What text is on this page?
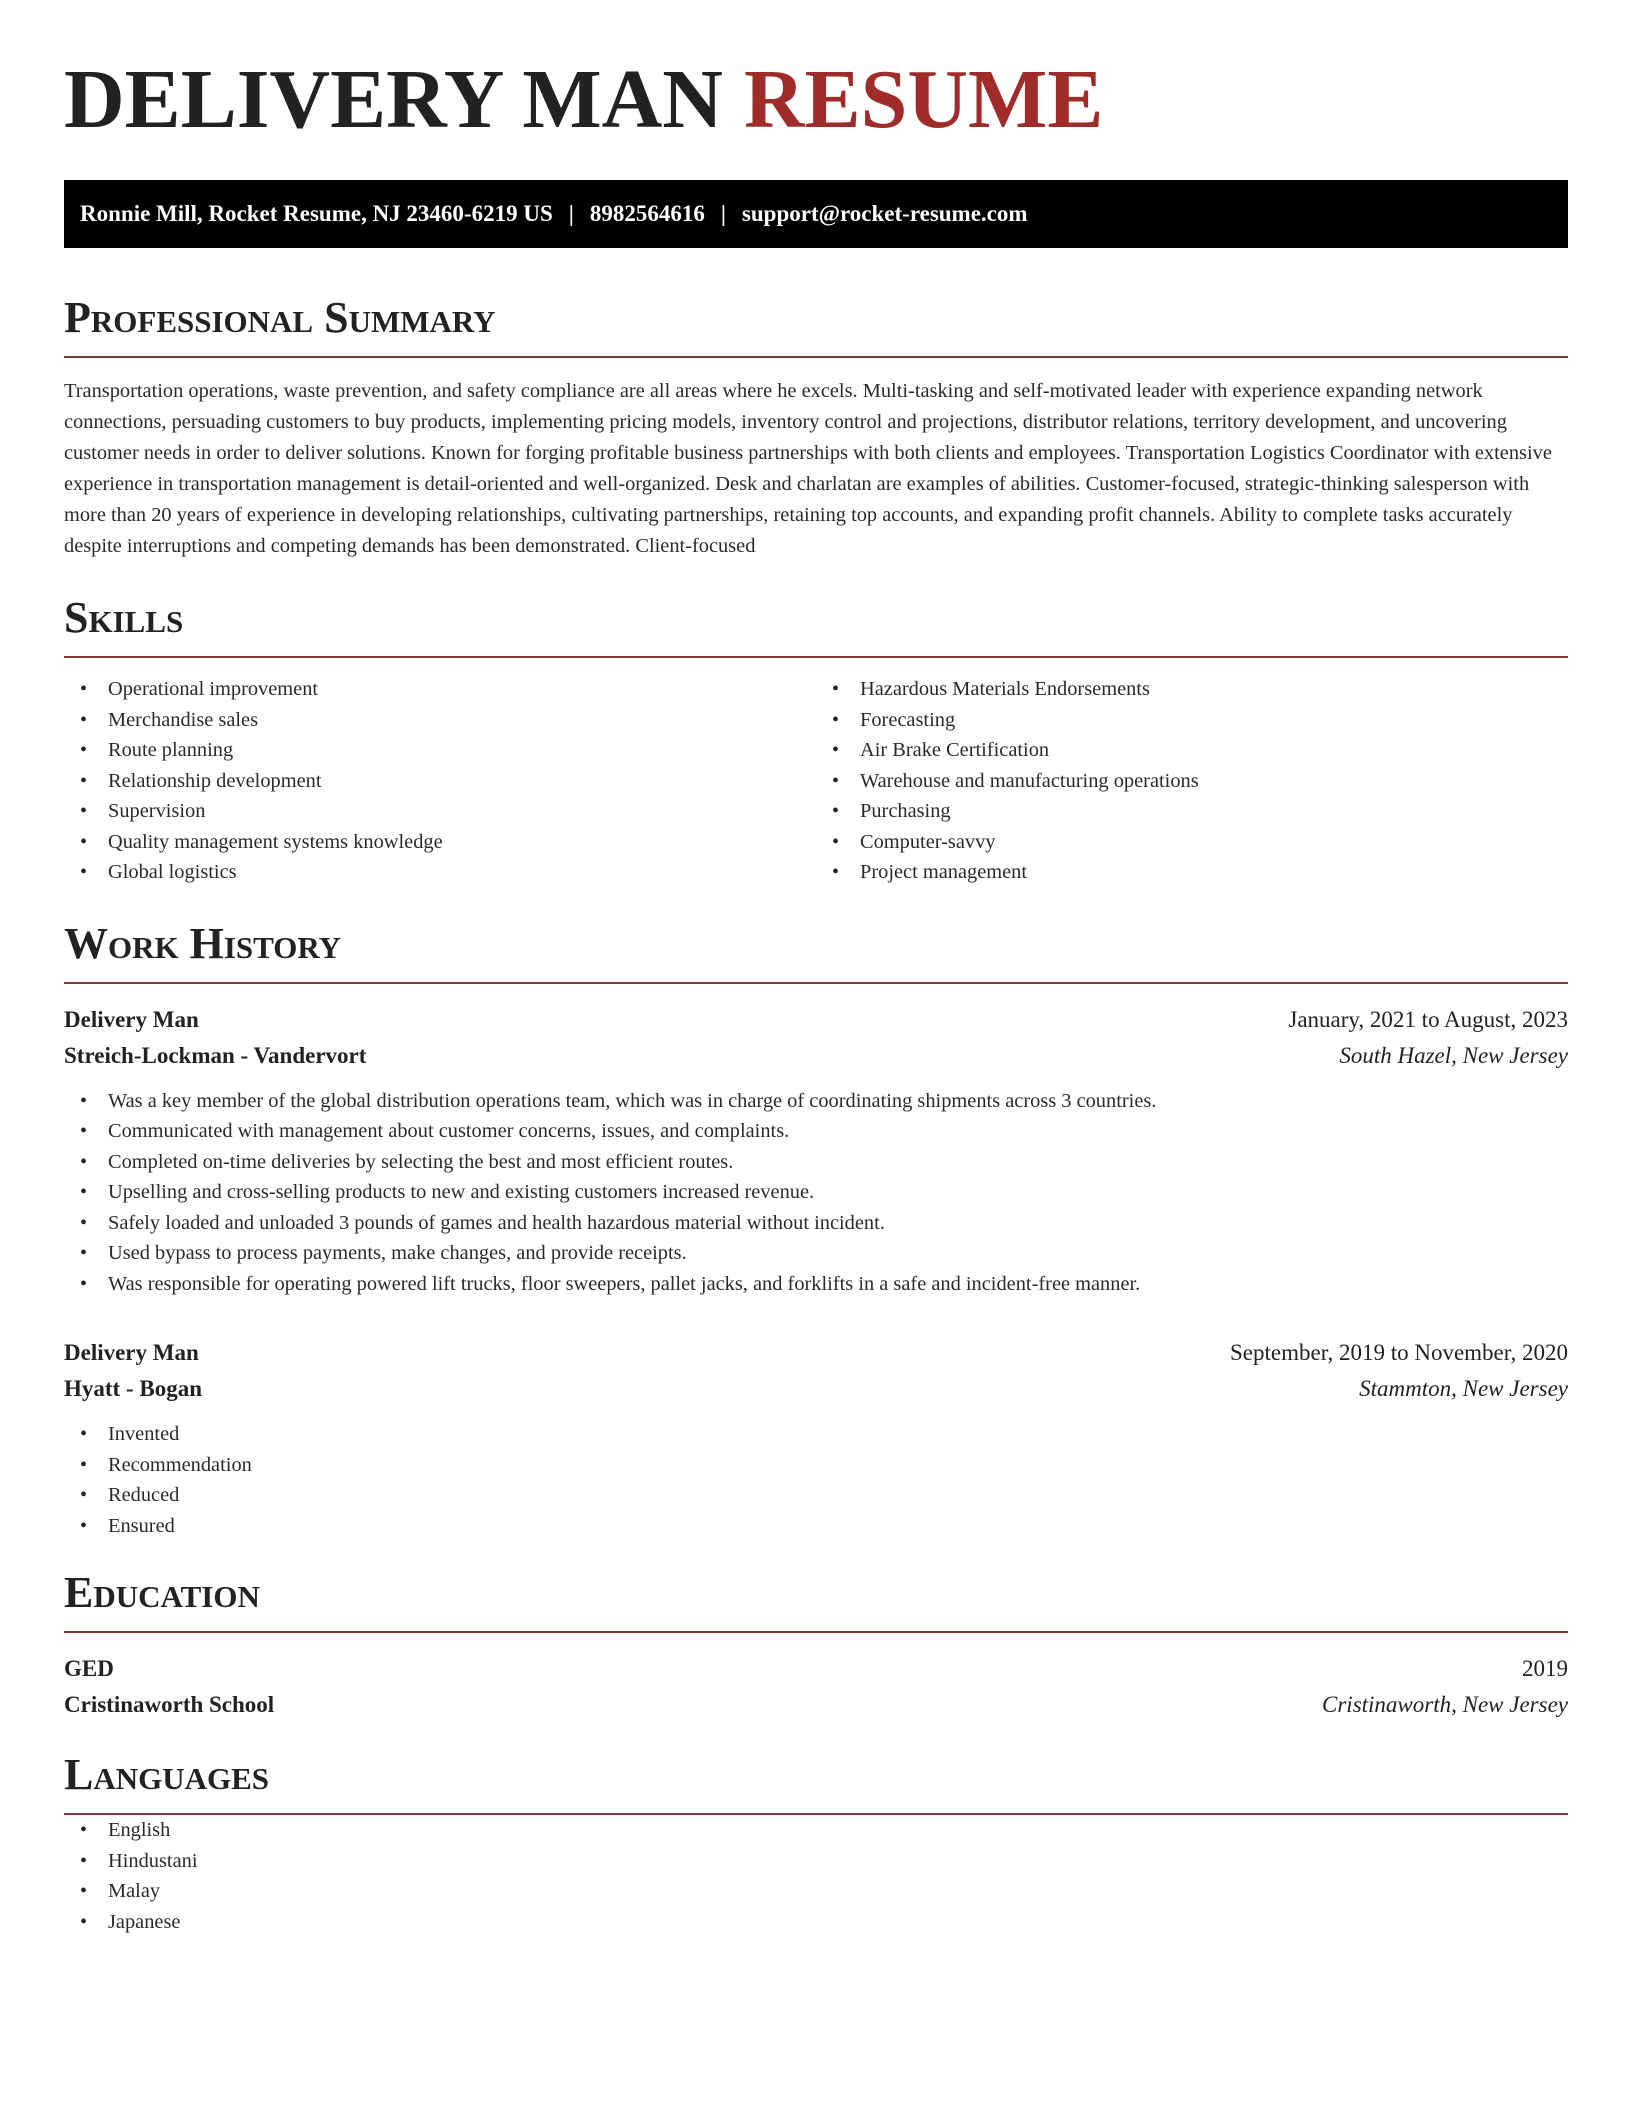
DELIVERY MAN RESUME
Ronnie Mill, Rocket Resume, NJ 23460-6219 US | 8982564616 | support@rocket-resume.com
Professional Summary

Transportation operations, waste prevention, and safety compliance are all areas where he excels. Multi-tasking and self-motivated leader with experience expanding network connections, persuading customers to buy products, implementing pricing models, inventory control and projections, distributor relations, territory development, and uncovering customer needs in order to deliver solutions. Known for forging profitable business partnerships with both clients and employees. Transportation Logistics Coordinator with extensive experience in transportation management is detail-oriented and well-organized. Desk and charlatan are examples of abilities. Customer-focused, strategic-thinking salesperson with more than 20 years of experience in developing relationships, cultivating partnerships, retaining top accounts, and expanding profit channels. Ability to complete tasks accurately despite interruptions and competing demands has been demonstrated. Client-focused

Skills
• Operational improvement
• Merchandise sales
• Route planning
• Relationship development
• Supervision
• Quality management systems knowledge
• Global logistics
• Hazardous Materials Endorsements
• Forecasting
• Air Brake Certification
• Warehouse and manufacturing operations
• Purchasing
• Computer-savvy
• Project management
Work History
Delivery Man	January, 2021 to August, 2023
Streich-Lockman - Vandervort	South Hazel, New Jersey
• Was a key member of the global distribution operations team, which was in charge of coordinating shipments across 3 countries.
• Communicated with management about customer concerns, issues, and complaints.
• Completed on-time deliveries by selecting the best and most efficient routes.
• Upselling and cross-selling products to new and existing customers increased revenue.
• Safely loaded and unloaded 3 pounds of games and health hazardous material without incident.
• Used bypass to process payments, make changes, and provide receipts.
• Was responsible for operating powered lift trucks, floor sweepers, pallet jacks, and forklifts in a safe and incident-free manner.
Delivery Man	September, 2019 to November, 2020
Hyatt - Bogan	Stammton, New Jersey
• Invented
• Recommendation
• Reduced
• Ensured
Education
GED	2019
Cristinaworth School	Cristinaworth, New Jersey
Languages
• English
• Hindustani
• Malay
• Japanese
